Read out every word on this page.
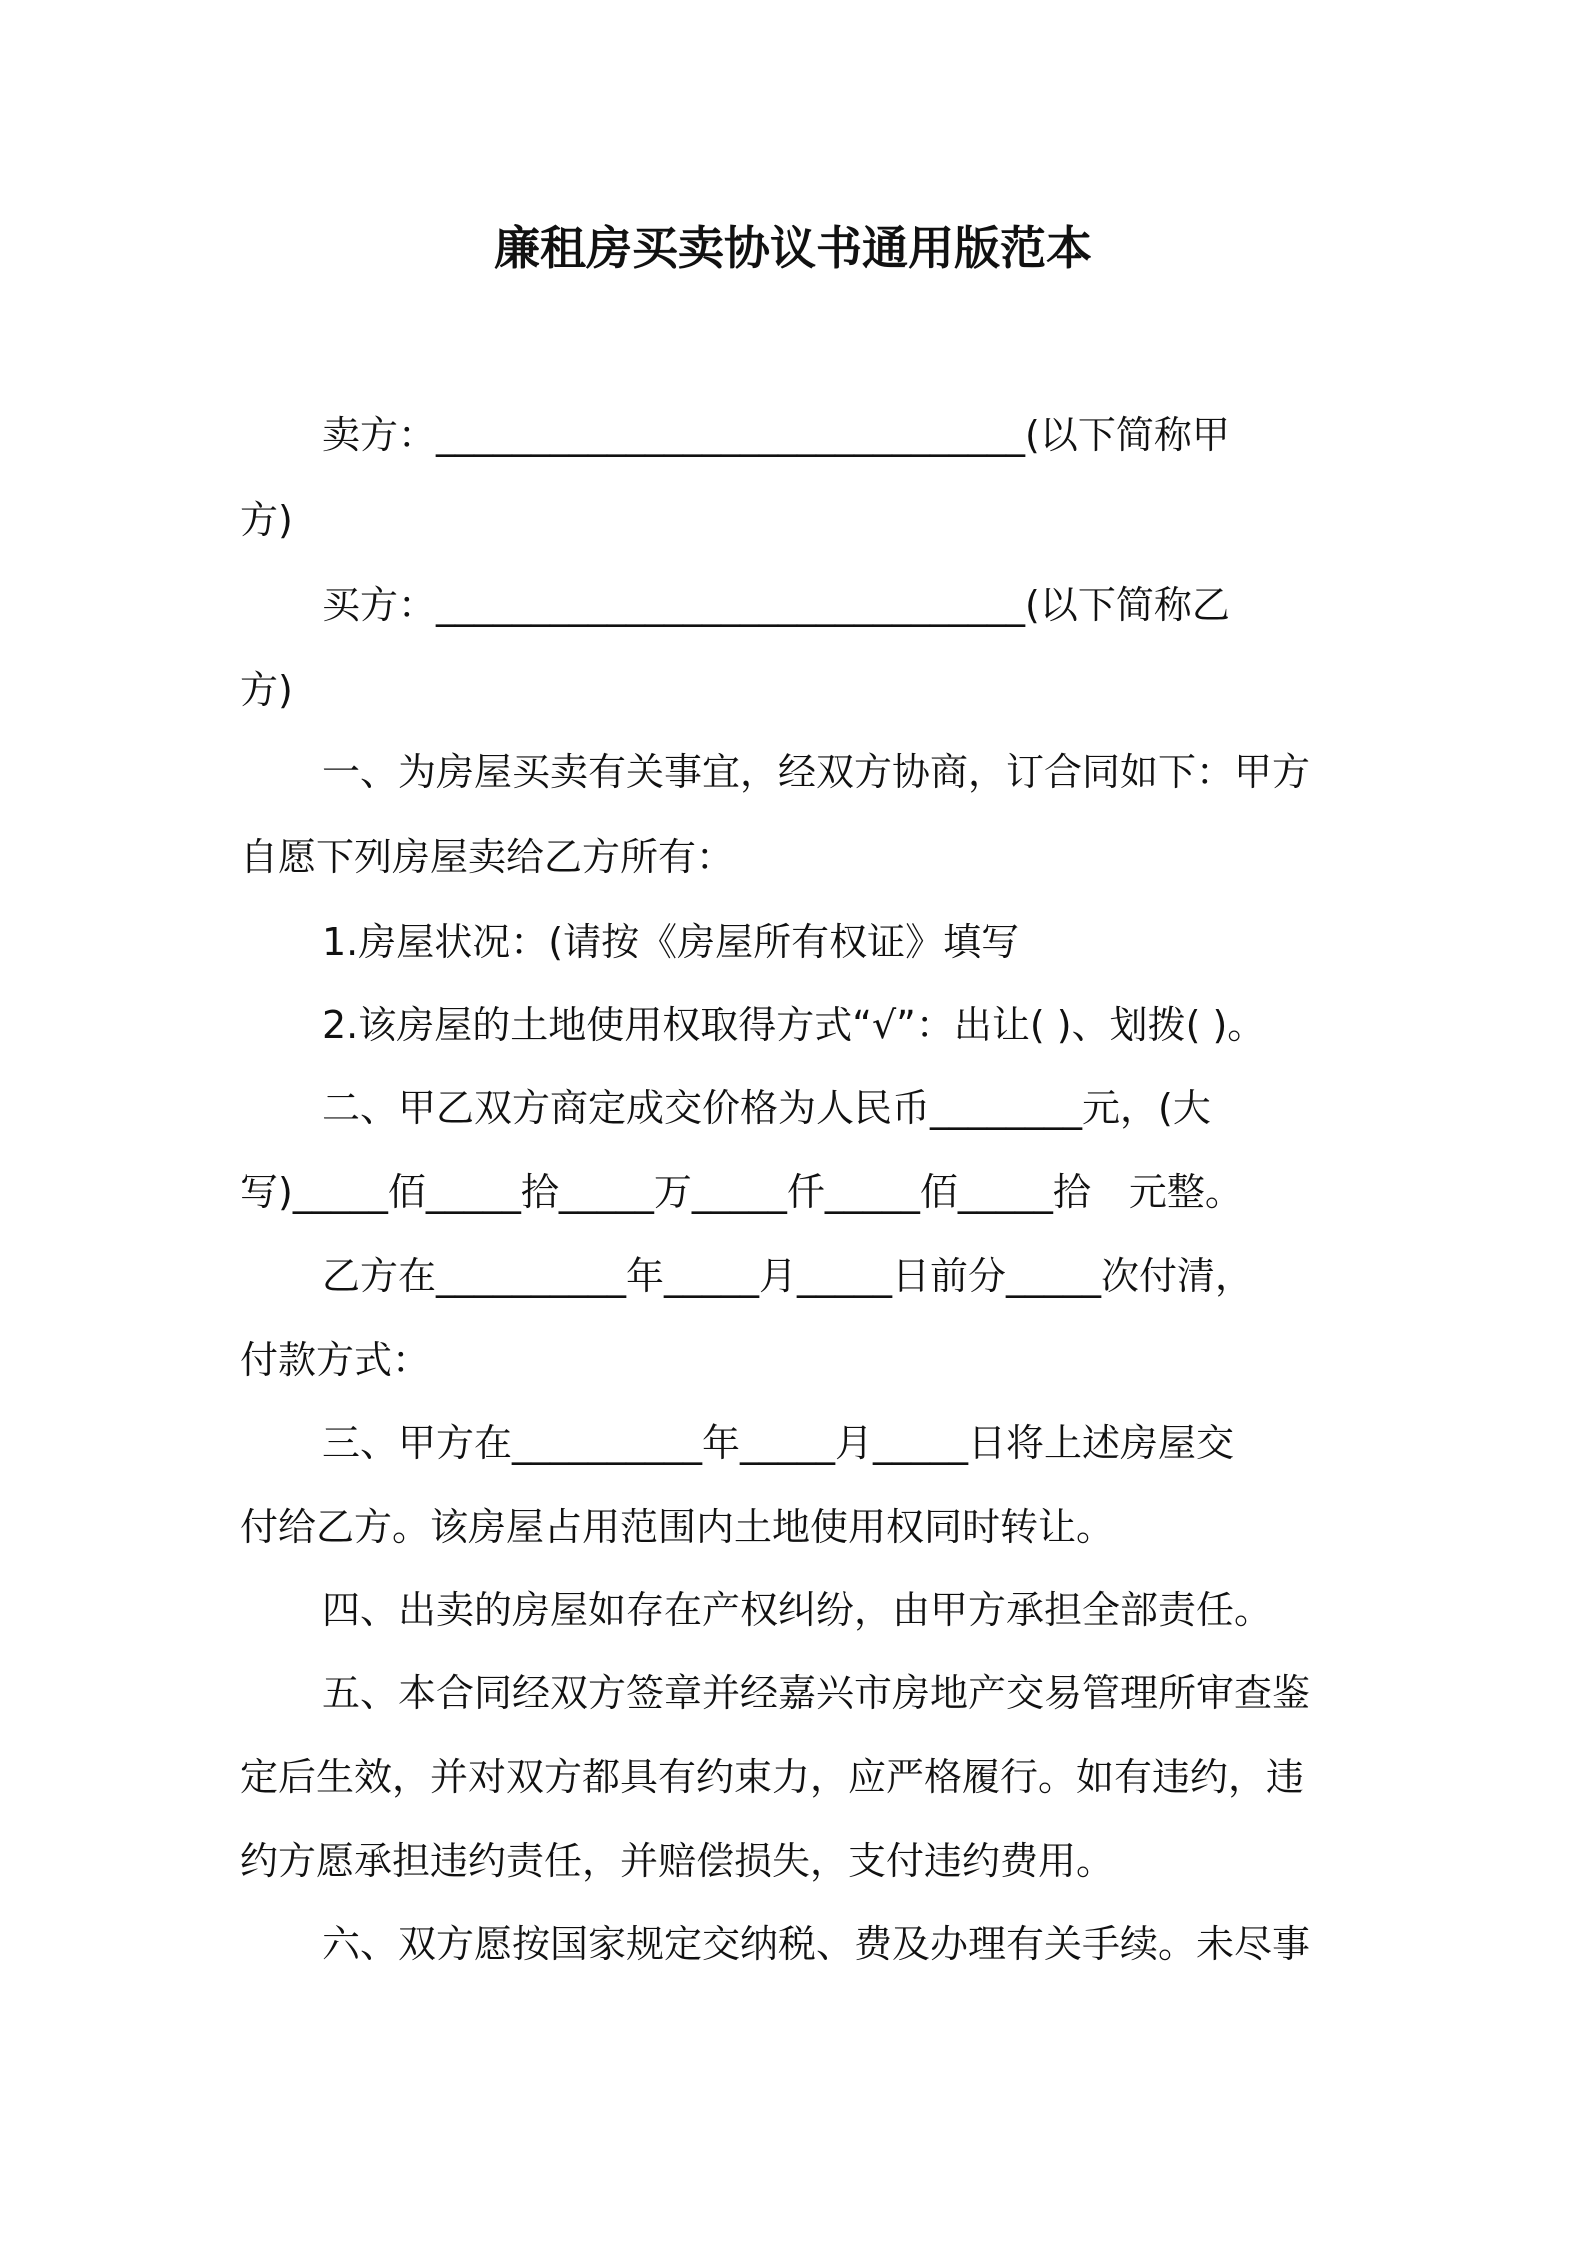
廉租房买卖协议书通用版范本
卖方：_______________________________(以下简称甲
方)
买方：_______________________________(以下简称乙
方)
一、为房屋买卖有关事宜，经双方协商，订合同如下：甲方
自愿下列房屋卖给乙方所有：
1.房屋状况：(请按《房屋所有权证》填写
2.该房屋的土地使用权取得方式“√”：出让( )、划拨( )。
二、甲乙双方商定成交价格为人民币________元，(大
写)_____佰_____拾_____万_____仟_____佰_____拾　元整。
乙方在__________年_____月_____日前分_____次付清，
付款方式：
三、甲方在__________年_____月_____日将上述房屋交
付给乙方。该房屋占用范围内土地使用权同时转让。
四、出卖的房屋如存在产权纠纷，由甲方承担全部责任。
五、本合同经双方签章并经嘉兴市房地产交易管理所审查鉴
定后生效，并对双方都具有约束力，应严格履行。如有违约，违
约方愿承担违约责任，并赔偿损失，支付违约费用。
六、双方愿按国家规定交纳税、费及办理有关手续。未尽事
